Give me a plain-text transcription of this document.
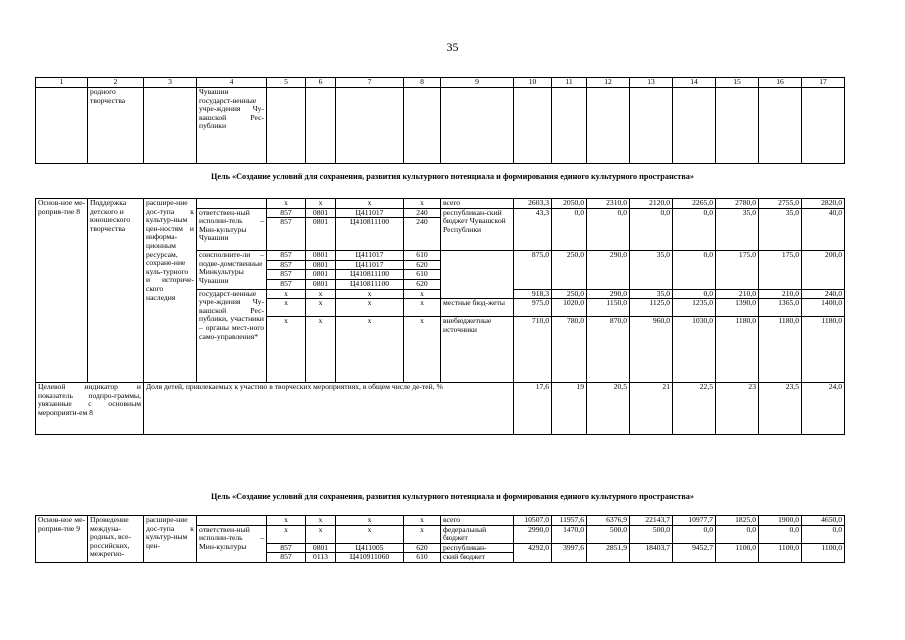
35
1	2	3	4	5	6	7	8	9	10	11	12	13	14	15	16	17
	родного творчества		Чувашии государст-венные учре-ждения Чу-вашской Рес-публики													
Цель «Создание условий для сохранения, развития культурного потенциала и формирования единого культурного пространства»
Основ-ное ме-роприя-тие 8	Поддержка детского и юношеского творчества	расшире-ние дос-тупа к культур-ным цен-ностям и информа-ционным ресурсам, сохране-ние куль-турного и историче-ского наследия		х	х	х	х	всего	2603,3	2050,0	2310,0	2120,0	2265,0	2780,0	2755,0	2820,0
			ответствен-ный исполни-тель – Мин-культуры Чувашии	857	0801	Ц411017	240	республикан-ский бюджет Чувашской Республики	43,3	0,0	0,0	0,0	0,0	35,0	35,0	40,0
				857	0801	Ц410811100	240									
			соисполните-ли – подве-домственные Минкультуры Чувашии	857	0801	Ц411017	610		875,0	250,0	290,0	35,0	0,0	175,0	175,0	200,0
				857	0801	Ц411017	620									
				857	0801	Ц410811100	610									
				857	0801	Ц410811100	620									
			государст-венные учре-ждения Чу-вашской Рес-публики, участники – органы мест-ного само-управления*	х	х	х	х		918,3	250,0	290,0	35,0	0,0	210,0	210,0	240,0
				х	х	х	х	местные бюд-жеты	975,0	1020,0	1150,0	1125,0	1235,0	1390,0	1365,0	1400,0
				х	х	х	х	внебюджетные источники	710,0	780,0	870,0	960,0	1030,0	1180,0	1180,0	1180,0
Целевой индикатор и показатель подпро-граммы, увязанные с основным мероприяти-ем 8		Доля детей, привлекаемых к участию в творческих мероприятиях, в общем числе де-тей, %							17,6	19	20,5	21	22,5	23	23,5	24,0
Цель «Создание условий для сохранения, развития культурного потенциала и формирования единого культурного пространства»
Основ-ное ме-роприя-тие 9	Проведение междуна-родных, все-российских, межрегио-	расшире-ние дос-тупа к культур-ным цен-		х	х	х	х	всего	10507,0	11957,6	6376,9	22143,7	10977,7	1825,0	1900,0	4650,0
			ответствен-ный исполни-тель – Мин-культуры	х	х	х	х	федеральный бюджет	2990,0	1470,0	500,0	500,0	0,0	0,0	0,0	0,0
				857	0801	Ц411005	620	республикан-	4292,0	3997,6	2851,9	18403,7	9452,7	1100,0	1100,0	1100,0
				857	0113	Ц410911060	610	ский бюджет								
